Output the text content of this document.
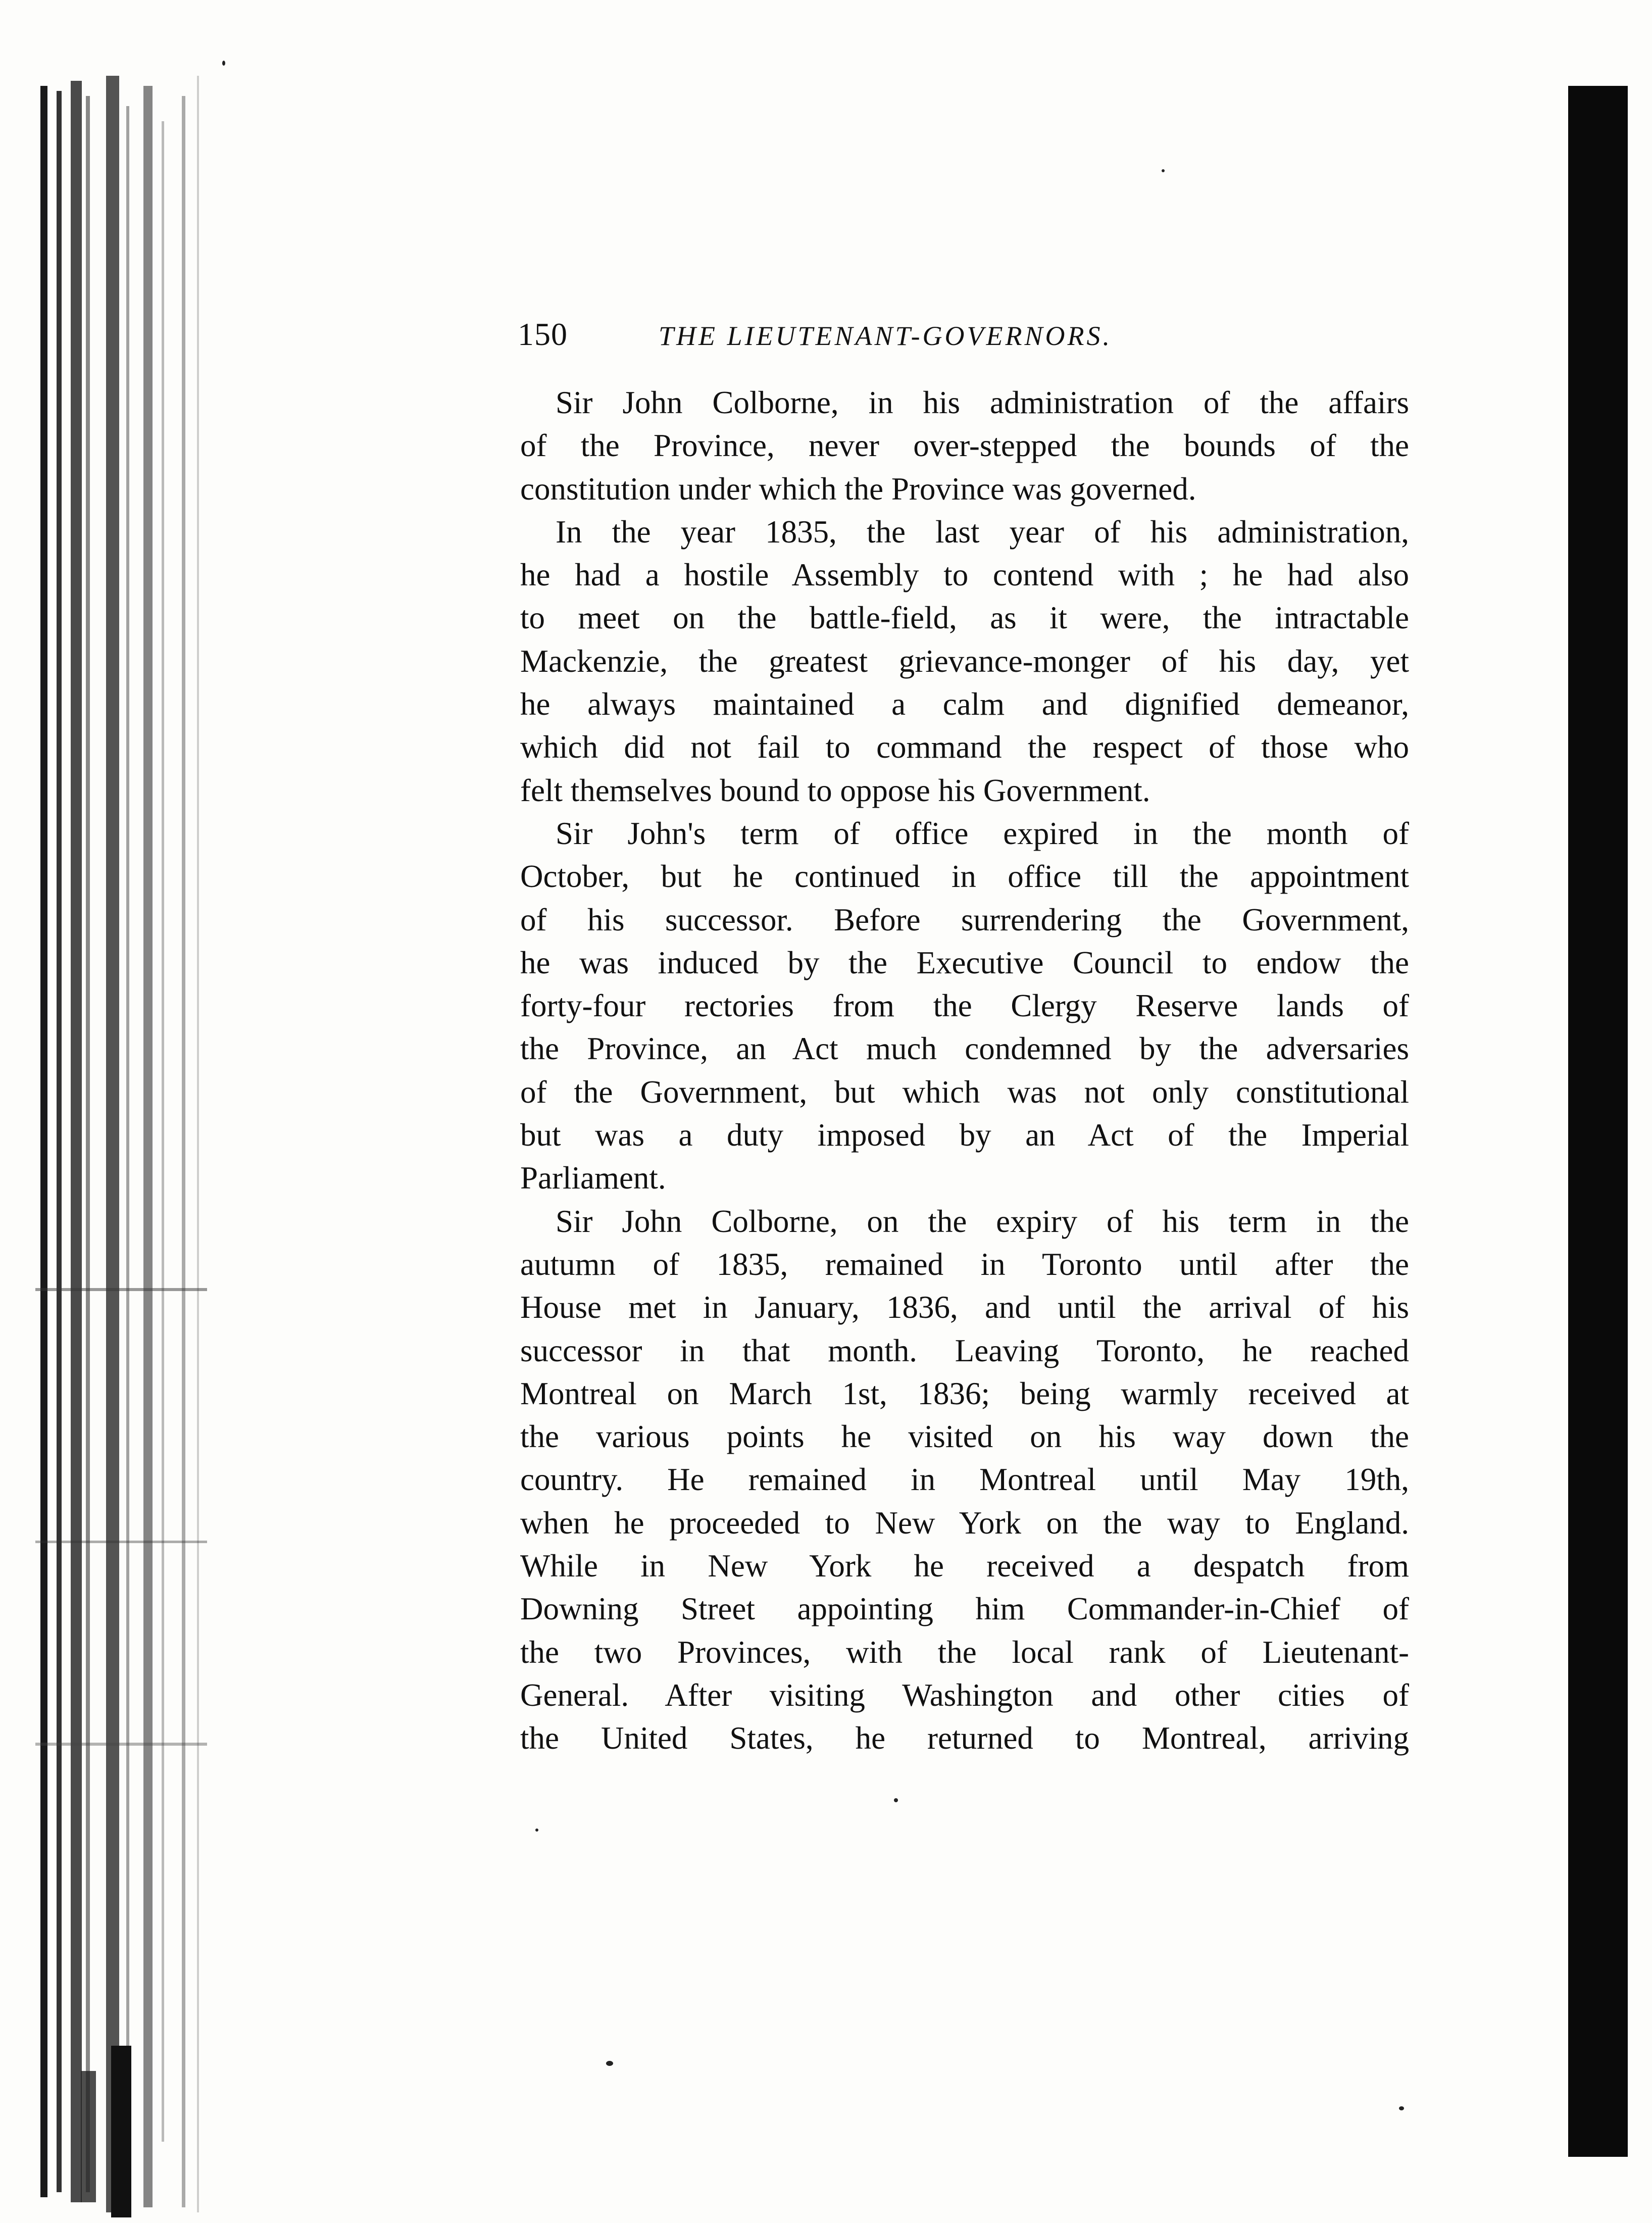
150	THE LIEUTENANT-GOVERNORS.
Sir John Colborne, in his administration of the affairs
of the Province, never over-stepped the bounds of the
constitution under which the Province was governed.
In the year 1835, the last year of his administration,
he had a hostile Assembly to contend with ; he had also
to meet on the battle-field, as it were, the intractable
Mackenzie, the greatest grievance-monger of his day, yet
he always maintained a calm and dignified demeanor,
which did not fail to command the respect of those who
felt themselves bound to oppose his Government.
Sir John's term of office expired in the month of
October, but he continued in office till the appointment
of his successor. Before surrendering the Government,
he was induced by the Executive Council to endow the
forty-four rectories from the Clergy Reserve lands of
the Province, an Act much condemned by the adversaries
of the Government, but which was not only constitutional
but was a duty imposed by an Act of the Imperial
Parliament.
Sir John Colborne, on the expiry of his term in the
autumn of 1835, remained in Toronto until after the
House met in January, 1836, and until the arrival of his
successor in that month. Leaving Toronto, he reached
Montreal on March 1st, 1836; being warmly received at
the various points he visited on his way down the
country. He remained in Montreal until May 19th,
when he proceeded to New York on the way to England.
While in New York he received a despatch from
Downing Street appointing him Commander-in-Chief of
the two Provinces, with the local rank of Lieutenant-
General. After visiting Washington and other cities of
the United States, he returned to Montreal, arriving
